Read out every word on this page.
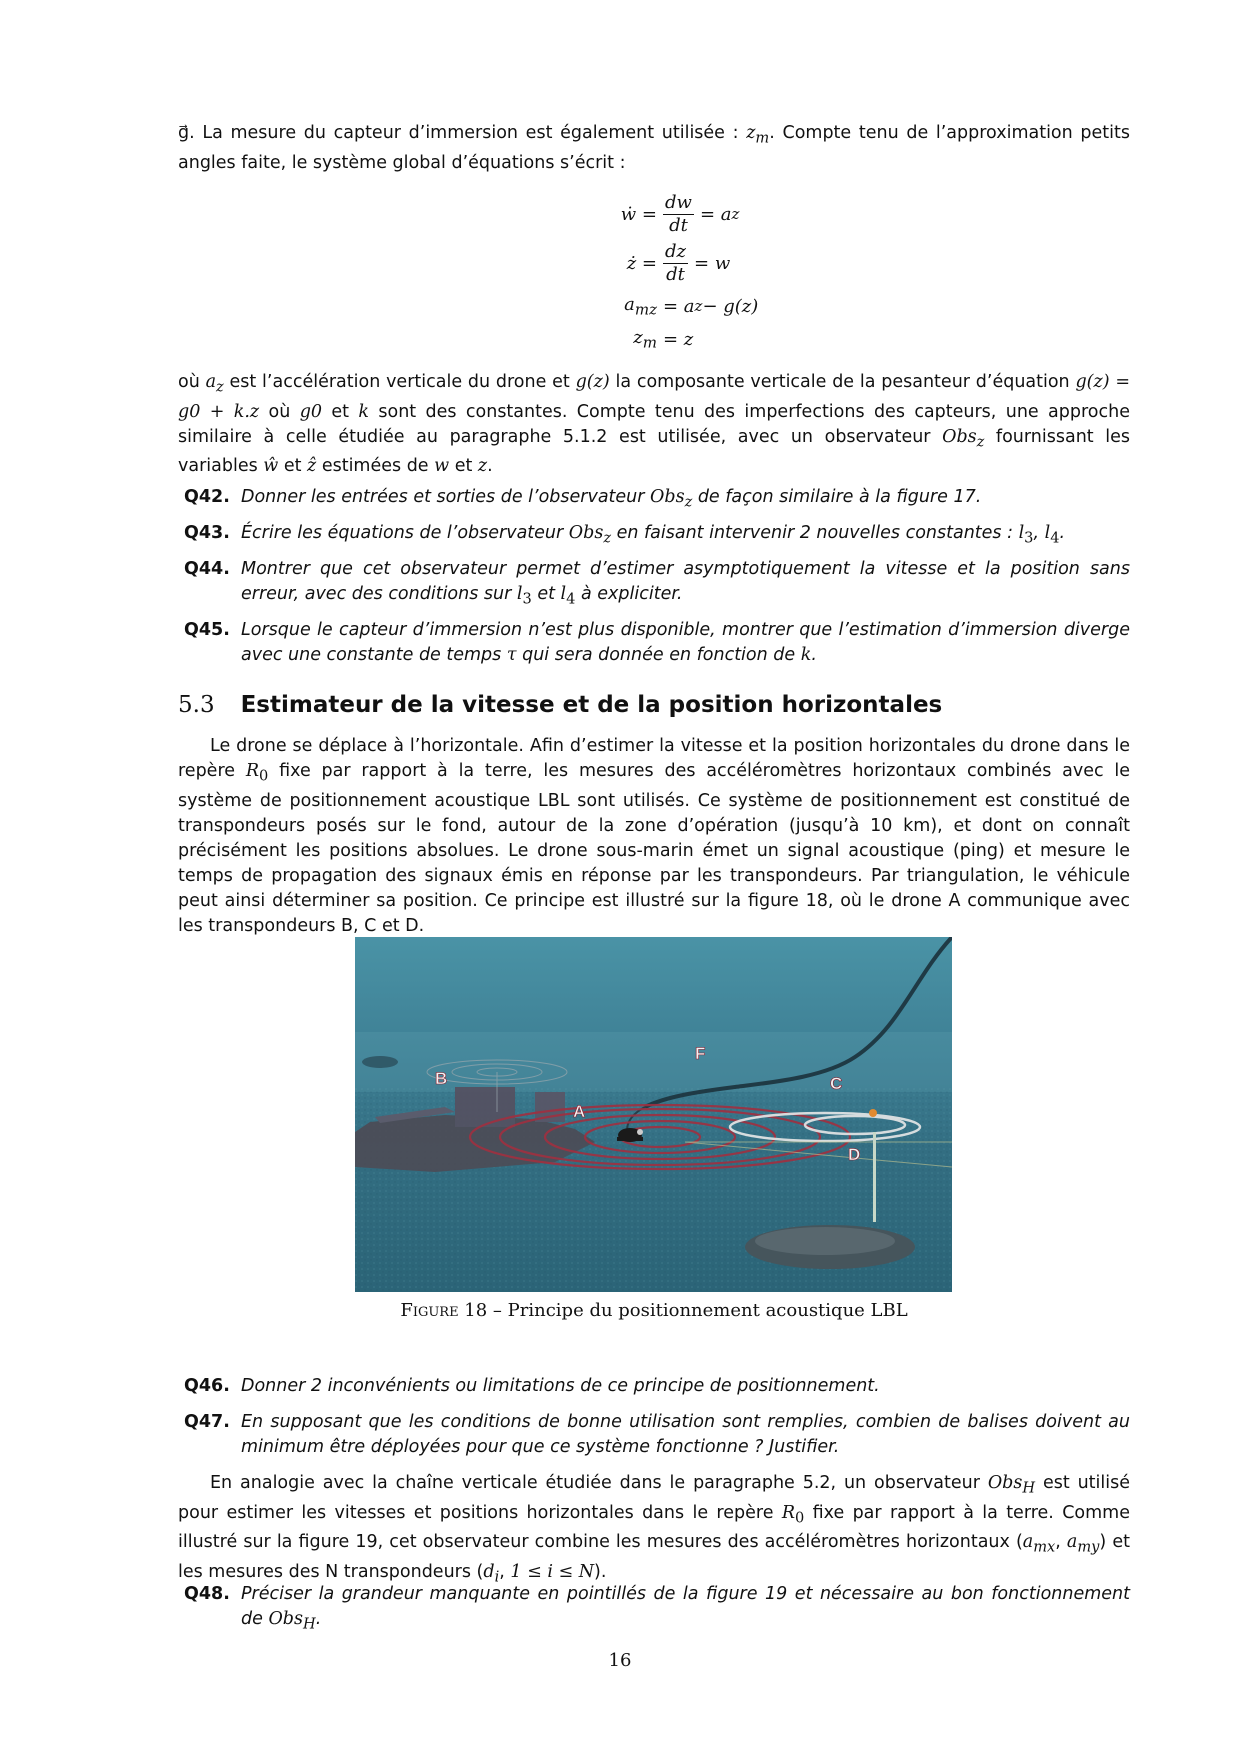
g⃗. La mesure du capteur d’immersion est également utilisée : $z_m$. Compte tenu de l’approximation petits angles faite, le système global d’équations s’écrit :

ẇ = $\frac{dw}{dt} = a$ z
ż = $\frac{dz}{dt} = w$
$a_{mz} = a$ z − g(z)
$z_m = z$

où $a_z$ est l’accélération verticale du drone et g(z) la composante verticale de la pesanteur d’équation g(z) = g0 + k.z où g0 et k sont des constantes. Compte tenu des imperfections des capteurs, une approche similaire à celle étudiée au paragraphe 5.1.2 est utilisée, avec un observateur Obs$_z$ fournissant les variables ŵ et ẑ estimées de w et z.

Q42. Donner les entrées et sorties de l’observateur Obs$_z$ de façon similaire à la figure 17.
Q43. Écrire les équations de l’observateur Obs$_z$ en faisant intervenir 2 nouvelles constantes : $l_3$, $l_4$.
Q44. Montrer que cet observateur permet d’estimer asymptotiquement la vitesse et la position sans erreur, avec des conditions sur $l_3$ et $l_4$ à expliciter.
Q45. Lorsque le capteur d’immersion n’est plus disponible, montrer que l’estimation d’immersion diverge avec une constante de temps τ qui sera donnée en fonction de k.
5.3 Estimateur de la vitesse et de la position horizontales

Le drone se déplace à l’horizontale. Afin d’estimer la vitesse et la position horizontales du drone dans le repère $R_0$ fixe par rapport à la terre, les mesures des accéléromètres horizontaux combinés avec le système de positionnement acoustique LBL sont utilisés. Ce système de positionnement est constitué de transpondeurs posés sur le fond, autour de la zone d’opération (jusqu’à 10 km), et dont on connaît précisément les positions absolues. Le drone sous-marin émet un signal acoustique (ping) et mesure le temps de propagation des signaux émis en réponse par les transpondeurs. Par triangulation, le véhicule peut ainsi déterminer sa position. Ce principe est illustré sur la figure 18, où le drone A communique avec les transpondeurs B, C et D.

B
F
C
A
D

Figure 18 – Principe du positionnement acoustique LBL

Q46. Donner 2 inconvénients ou limitations de ce principe de positionnement.
Q47. En supposant que les conditions de bonne utilisation sont remplies, combien de balises doivent au minimum être déployées pour que ce système fonctionne ? Justifier.

En analogie avec la chaîne verticale étudiée dans le paragraphe 5.2, un observateur Obs$_H$ est utilisé pour estimer les vitesses et positions horizontales dans le repère $R_0$ fixe par rapport à la terre. Comme illustré sur la figure 19, cet observateur combine les mesures des accéléromètres horizontaux ($a_{mx}$, $a_{my}$) et les mesures des N transpondeurs ($d_i$, 1 ≤ i ≤ N).

Q48. Préciser la grandeur manquante en pointillés de la figure 19 et nécessaire au bon fonctionnement de Obs$_H$.
16
